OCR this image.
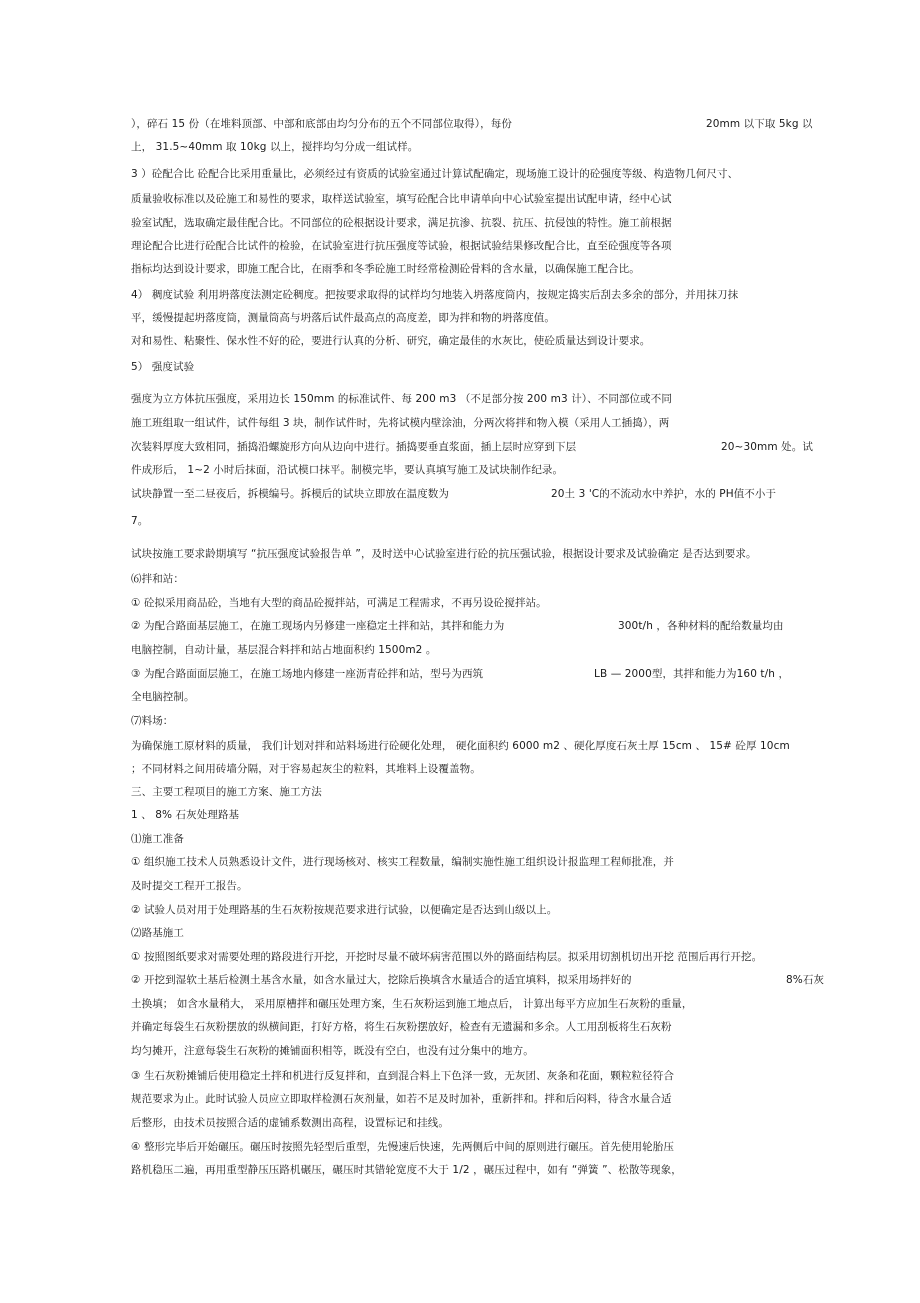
），碎石 15 份（在堆料顶部、中部和底部由均匀分布的五个不同部位取得），每份	20mm 以下取 5kg 以
上， 31.5~40mm 取 10kg 以上，搅拌均匀分成一组试样。
3 ）砼配合比 砼配合比采用重量比，必须经过有资质的试验室通过计算试配确定，现场施工设计的砼强度等级、构造物几何尺寸、
质量验收标准以及砼施工和易性的要求，取样送试验室，填写砼配合比申请单向中心试验室提出试配申请，经中心试
验室试配，选取确定最佳配合比。不同部位的砼根据设计要求，满足抗渗、抗裂、抗压、抗侵蚀的特性。施工前根据
理论配合比进行砼配合比试件的检验，在试验室进行抗压强度等试验，根据试验结果修改配合比，直至砼强度等各项
指标均达到设计要求，即施工配合比，在雨季和冬季砼施工时经常检测砼骨料的含水量，以确保施工配合比。
4） 稠度试验 利用坍落度法测定砼稠度。把按要求取得的试样均匀地装入坍落度筒内，按规定捣实后刮去多余的部分，并用抹刀抹
平，缓慢提起坍落度筒，测量筒高与坍落后试件最高点的高度差，即为拌和物的坍落度值。
对和易性、粘聚性、保水性不好的砼，要进行认真的分析、研究，确定最佳的水灰比，使砼质量达到设计要求。
5） 强度试验
强度为立方体抗压强度，采用边长 150mm 的标准试件、每 200 m3 （不足部分按 200 m3 计）、不同部位或不同
施工班组取一组试件，试件每组 3 块，制作试件时，先将试模内壁涂油，分两次将拌和物入模（采用人工插捣），两
次装料厚度大致相同，插捣沿螺旋形方向从边向中进行。插捣要垂直浆面，插上层时应穿到下层	20~30mm 处。试
件成形后， 1~2 小时后抹面，沿试模口抹平。制模完毕，要认真填写施工及试块制作纪录。
试块静置一至二昼夜后，拆模编号。拆模后的试块立即放在温度数为	20土 3 'C的不流动水中养护，水的 PH值不小于
7。
试块按施工要求龄期填写 “抗压强度试验报告单 ”，及时送中心试验室进行砼的抗压强试验，根据设计要求及试验确定 是否达到要求。
⑹拌和站：
① 砼拟采用商品砼，当地有大型的商品砼搅拌站，可满足工程需求，不再另设砼搅拌站。
② 为配合路面基层施工，在施工现场内另修建一座稳定土拌和站，其拌和能力为	300t/h ，各种材料的配给数量均由
电脑控制，自动计量，基层混合料拌和站占地面积约 1500m2 。
③ 为配合路面面层施工，在施工场地内修建一座沥青砼拌和站，型号为西筑	LB — 2000型，其拌和能力为160 t/h ，
全电脑控制。
⑺料场：
为确保施工原材料的质量， 我们计划对拌和站料场进行砼硬化处理， 硬化面积约 6000 m2 、硬化厚度石灰土厚 15cm 、 15# 砼厚 10cm
；不同材料之间用砖墙分隔，对于容易起灰尘的粒料，其堆料上设覆盖物。
三、主要工程项目的施工方案、施工方法
1 、 8% 石灰处理路基
⑴施工准备
① 组织施工技术人员熟悉设计文件，进行现场核对、核实工程数量，编制实施性施工组织设计报监理工程师批准，并
及时提交工程开工报告。
② 试验人员对用于处理路基的生石灰粉按规范要求进行试验，以便确定是否达到山级以上。
⑵路基施工
① 按照图纸要求对需要处理的路段进行开挖，开挖时尽量不破坏病害范围以外的路面结构层。拟采用切割机切出开挖 范围后再行开挖。
② 开挖到湿软土基后检测土基含水量，如含水量过大，挖除后换填含水量适合的适宜填料，拟采用场拌好的	8%石灰
土换填； 如含水量稍大， 采用原槽拌和碾压处理方案，生石灰粉运到施工地点后， 计算出每平方应加生石灰粉的重量，
并确定每袋生石灰粉摆放的纵横间距，打好方格，将生石灰粉摆放好，检查有无遗漏和多余。人工用刮板将生石灰粉
均匀摊开，注意每袋生石灰粉的摊铺面积相等，既没有空白，也没有过分集中的地方。
③ 生石灰粉摊铺后使用稳定土拌和机进行反复拌和，直到混合料上下色泽一致，无灰团、灰条和花面，颗粒粒径符合
规范要求为止。此时试验人员应立即取样检测石灰剂量，如若不足及时加补，重新拌和。拌和后闷料，待含水量合适
后整形，由技术员按照合适的虚铺系数测出高程，设置标记和挂线。
④ 整形完毕后开始碾压。碾压时按照先轻型后重型，先慢速后快速，先两侧后中间的原则进行碾压。首先使用轮胎压
路机稳压二遍，再用重型静压压路机碾压，碾压时其错轮宽度不大于 1/2 ，碾压过程中，如有 “弹簧 ”、松散等现象，
